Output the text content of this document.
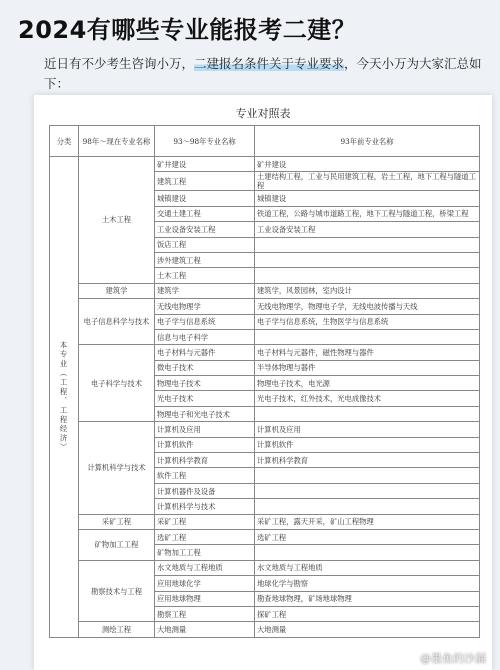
2024有哪些专业能报考二建？
近日有不少考生咨询小万，二建报名条件关于专业要求，今天小万为大家汇总如下：
专业对照表
分类	98年～现在专业名称	93～98年专业名称	93年前专业名称
本专业（工程、工程经济）	土木工程	矿井建设	矿井建设
		建筑工程	土建结构工程，工业与民用建筑工程，岩土工程，地下工程与隧道工程
		城镇建设	城镇建设
		交通土建工程	铁道工程，公路与城市道路工程，地下工程与隧道工程，桥梁工程
		工业设备安装工程	工业设备安装工程
		饭店工程	
		涉外建筑工程	
		土木工程	
	建筑学	建筑学	建筑学，风景园林，室内设计
	电子信息科学与技术	无线电物理学	无线电物理学，物理电子学，无线电波传播与天线
		电子学与信息系统	电子学与信息系统，生物医学与信息系统
		信息与电子科学	
	电子科学与技术	电子材料与元器件	电子材料与元器件，磁性物理与器件
		微电子技术	半导体物理与器件
		物理电子技术	物理电子技术，电光源
		光电子技术	光电子技术，红外技术，光电成像技术
		物理电子和光电子技术	
	计算机科学与技术	计算机及应用	计算机及应用
		计算机软件	计算机软件
		计算机科学教育	计算机科学教育
		软件工程	
		计算机器件及设备	
		计算机科学与技术	
	采矿工程	采矿工程	采矿工程，露天开采，矿山工程物理
	矿物加工工程	选矿工程	选矿工程
		矿物加工工程	
	勘察技术与工程	水文地质与工程地质	水文地质与工程地质
		应用地球化学	地球化学与勘察
		应用地球物理	勘查地球物理，矿场地球物理
		勘察工程	探矿工程
	测绘工程	大地测量	大地测量
@墨鱼的沙漏
